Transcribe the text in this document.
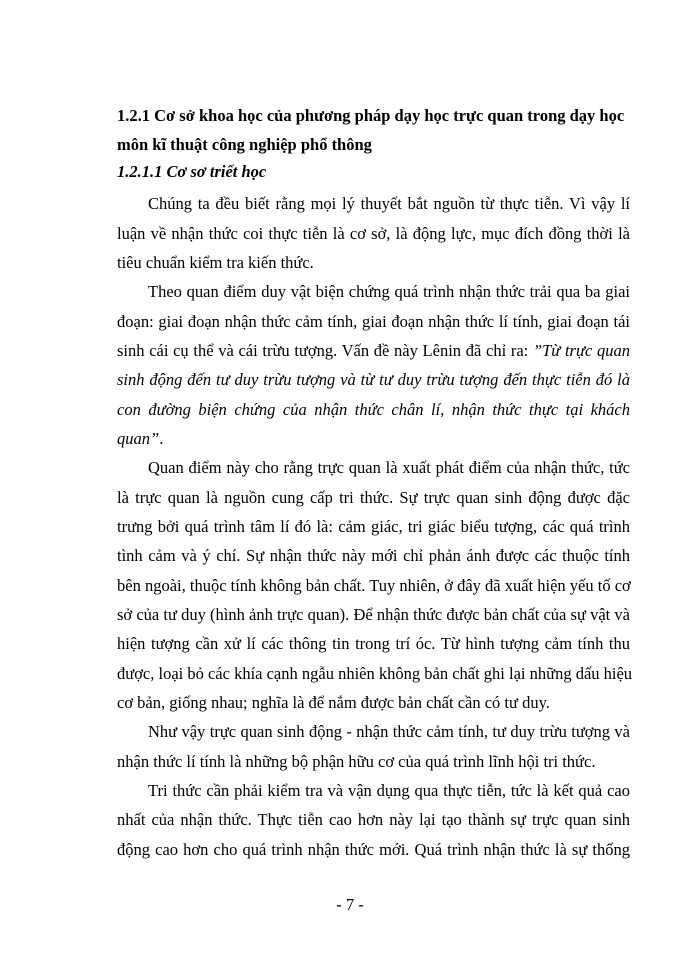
1.2.1 Cơ sở khoa học của phương pháp dạy học trực quan trong dạy học
môn kĩ thuật công nghiệp phổ thông
1.2.1.1 Cơ sơ triết học
Chúng ta đều biết rằng mọi lý thuyết bắt nguồn từ thực tiễn. Vì vậy lí
luận về nhận thức coi thực tiễn là cơ sở, là động lực, mục đích đồng thời là
tiêu chuẩn kiểm tra kiến thức.
Theo quan điểm duy vật biện chứng quá trình nhận thức trải qua ba giai
đoạn: giai đoạn nhận thức cảm tính, giai đoạn nhận thức lí tính, giai đoạn tái
sinh cái cụ thể và cái trừu tượng. Vấn đề này Lênin đã chỉ ra: ”Từ trực quan
sinh động đến tư duy trừu tượng và từ tư duy trừu tượng đến thực tiễn đó là
con đường biện chứng của nhận thức chân lí, nhận thức thực tại khách
quan”.
Quan điểm này cho rằng trực quan là xuất phát điểm của nhận thức, tức
là trực quan là nguồn cung cấp tri thức. Sự trực quan sinh động được đặc
trưng bởi quá trình tâm lí đó là: cảm giác, tri giác biểu tượng, các quá trình
tình cảm và ý chí. Sự nhận thức này mới chỉ phản ánh được các thuộc tính
bên ngoài, thuộc tính không bản chất. Tuy nhiên, ở đây đã xuất hiện yếu tố cơ
sở của tư duy (hình ảnh trực quan). Để nhận thức được bản chất của sự vật và
hiện tượng cần xử lí các thông tin trong trí óc. Từ hình tượng cảm tính thu
được, loại bỏ các khía cạnh ngẫu nhiên không bản chất ghi lại những dấu hiệu
cơ bản, giống nhau; nghĩa là để nắm được bản chất cần có tư duy.
Như vậy trực quan sinh động - nhận thức cảm tính, tư duy trừu tượng và
nhận thức lí tính là những bộ phận hữu cơ của quá trình lĩnh hội tri thức.
Tri thức cần phải kiểm tra và vận dụng qua thực tiễn, tức là kết quả cao
nhất của nhận thức. Thực tiễn cao hơn này lại tạo thành sự trực quan sinh
động cao hơn cho quá trình nhận thức mới. Quá trình nhận thức là sự thống
- 7 -
